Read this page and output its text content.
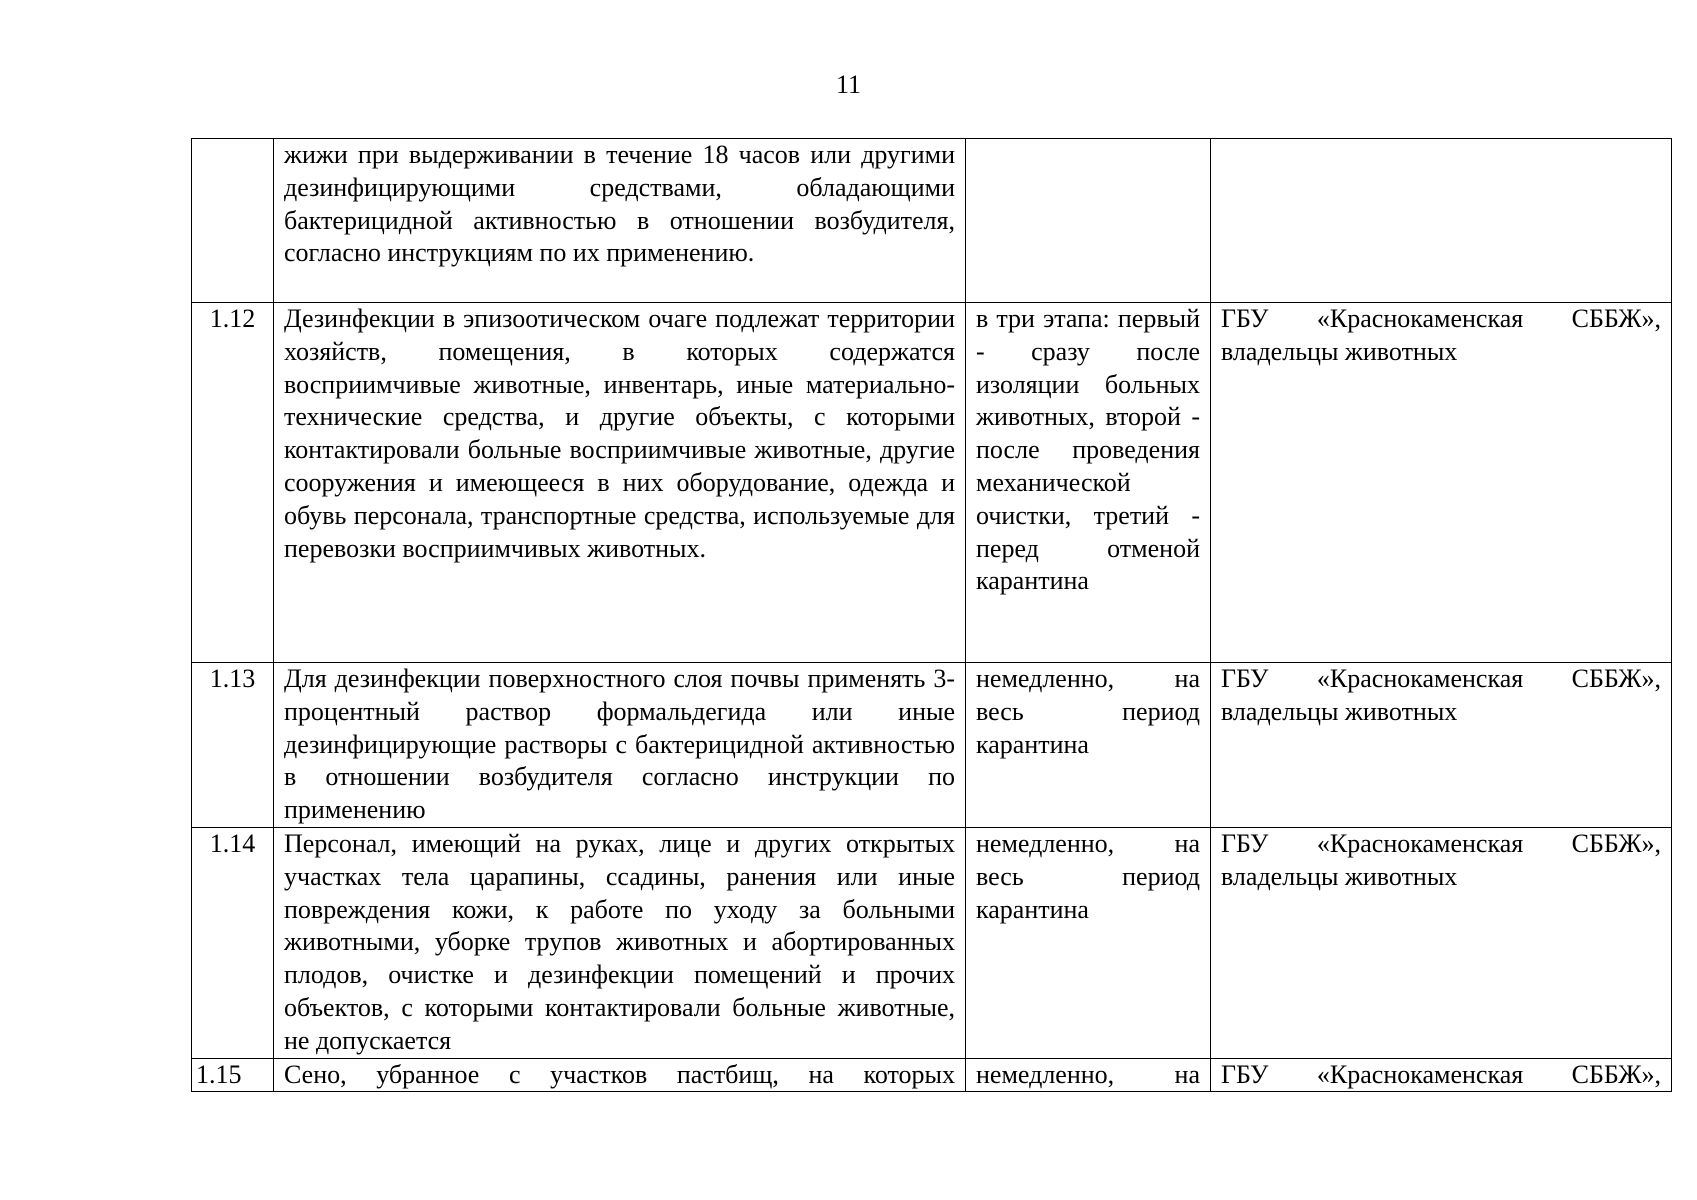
11
	жижи при выдерживании в течение 18 часов или другими дезинфицирующими средствами, обладающими бактерицидной активностью в отношении возбудителя, согласно инструкциям по их применению.		
1.12	Дезинфекции в эпизоотическом очаге подлежат территории хозяйств, помещения, в которых содержатся восприимчивые животные, инвентарь, иные материально-технические средства, и другие объекты, с которыми контактировали больные восприимчивые животные, другие сооружения и имеющееся в них оборудование, одежда и обувь персонала, транспортные средства, используемые для перевозки восприимчивых животных.	в три этапа: первый - сразу после изоляции больных животных, второй - после проведения механической очистки, третий - перед отменой карантина	ГБУ «Краснокаменская СББЖ», владельцы животных
1.13	Для дезинфекции поверхностного слоя почвы применять 3-процентный раствор формальдегида или иные дезинфицирующие растворы с бактерицидной активностью в отношении возбудителя согласно инструкции по применению	немедленно, на весь период карантина	ГБУ «Краснокаменская СББЖ», владельцы животных
1.14	Персонал, имеющий на руках, лице и других открытых участках тела царапины, ссадины, ранения или иные повреждения кожи, к работе по уходу за больными животными, уборке трупов животных и абортированных плодов, очистке и дезинфекции помещений и прочих объектов, с которыми контактировали больные животные, не допускается	немедленно, на весь период карантина	ГБУ «Краснокаменская СББЖ», владельцы животных
1.15	Сено, убранное с участков пастбищ, на которых	немедленно, на	ГБУ «Краснокаменская СББЖ»,
